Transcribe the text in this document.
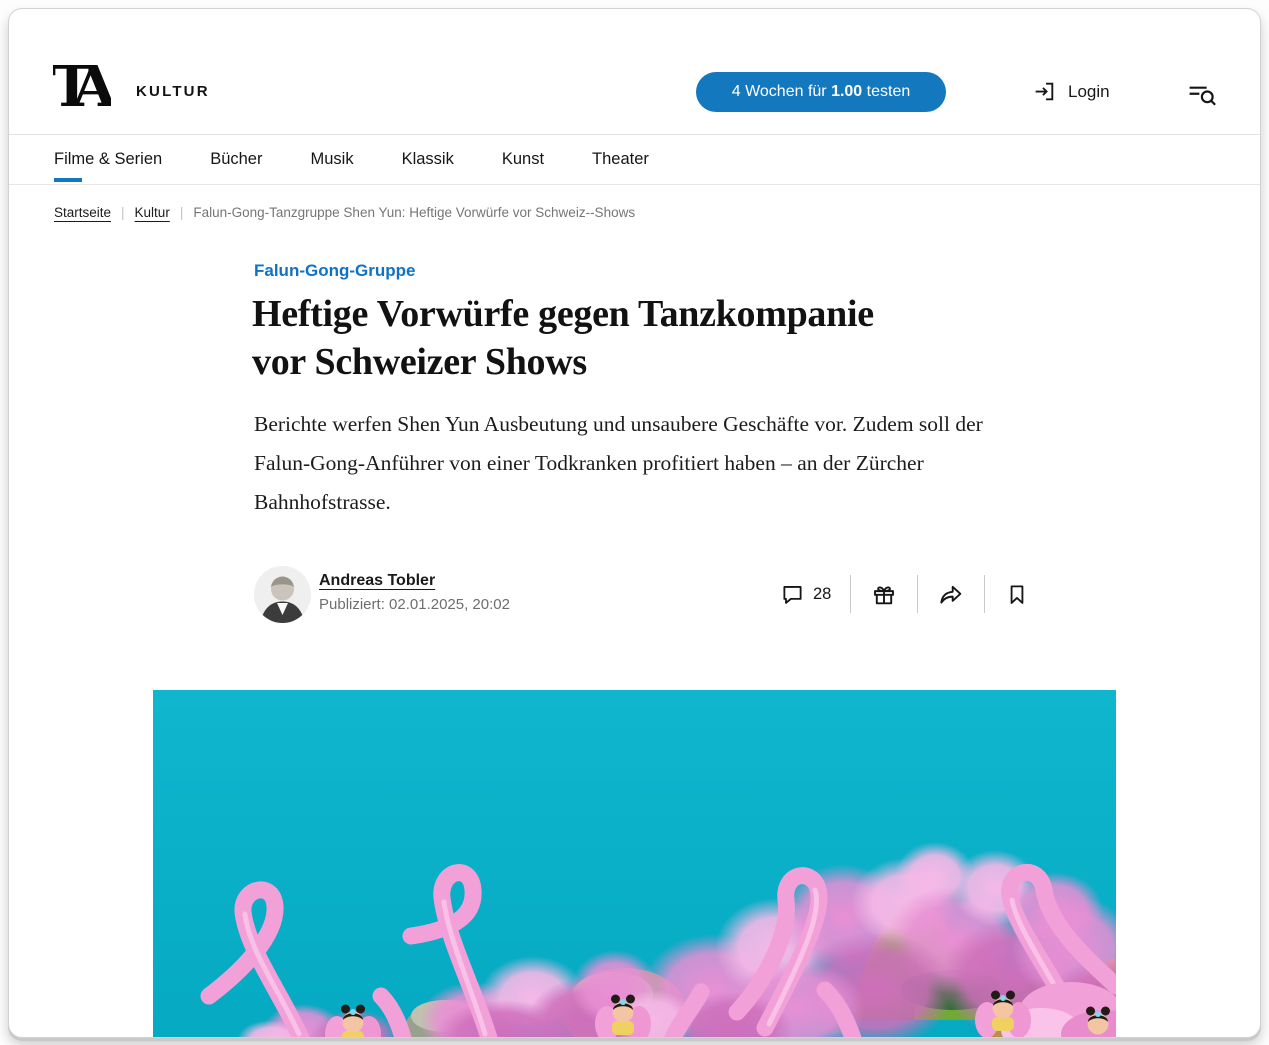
TA	KULTUR	4 Wochen für 1.00 testen	Login
Filme & Serien	Bücher	Musik	Klassik	Kunst	Theater
Startseite | Kultur | Falun-Gong-Tanzgruppe Shen Yun: Heftige Vorwürfe vor Schweiz--Shows
Falun-Gong-Gruppe
Heftige Vorwürfe gegen Tanzkompanie
vor Schweizer Shows

Berichte werfen Shen Yun Ausbeutung und unsaubere Geschäfte vor. Zudem soll der Falun-Gong-Anführer von einer Todkranken profitiert haben – an der Zürcher Bahnhofstrasse.

Andreas Tobler
Publiziert: 02.01.2025, 20:02
28
